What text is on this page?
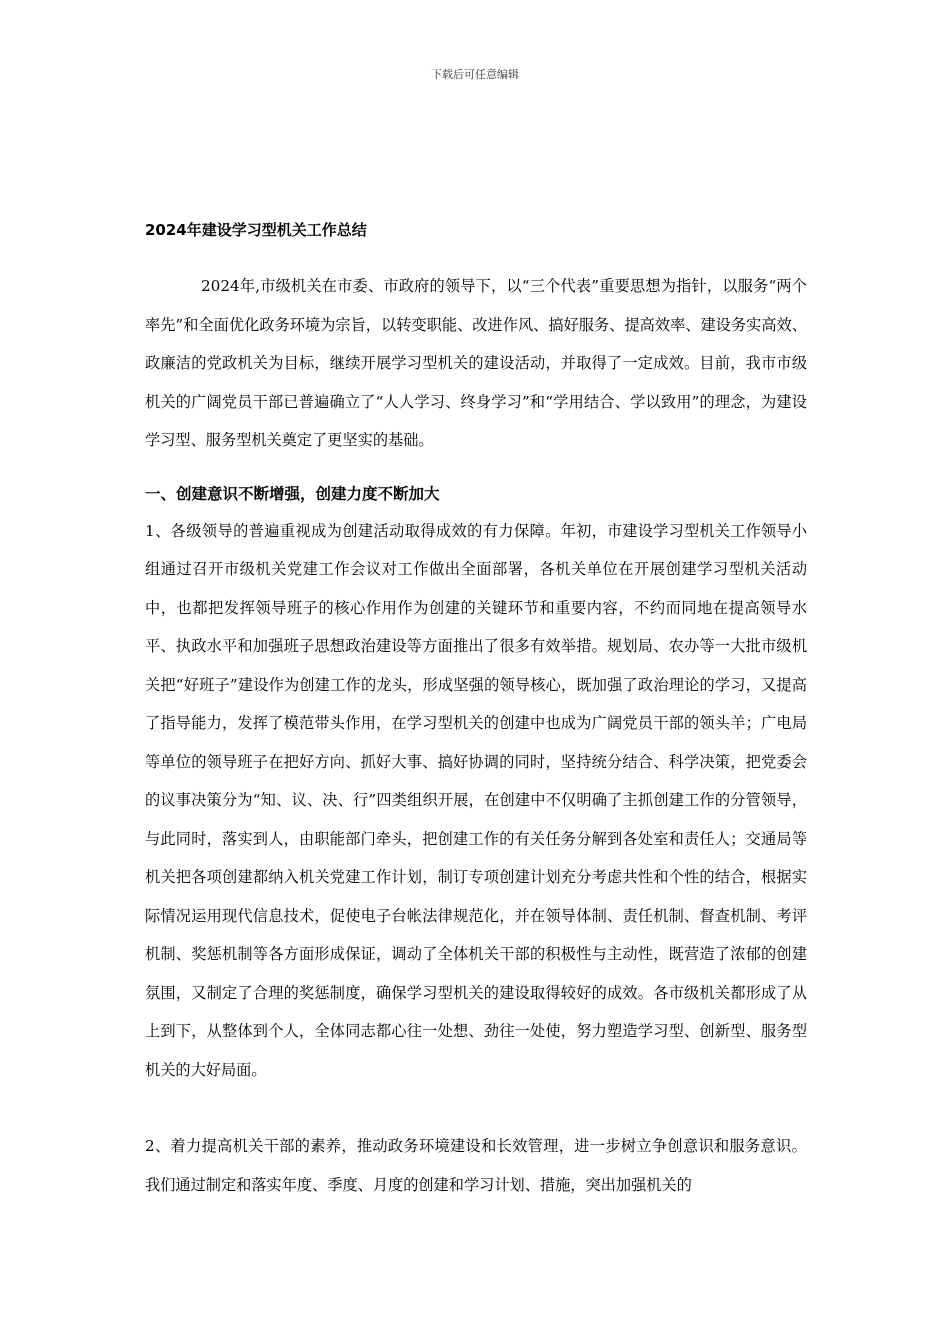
下载后可任意编辑
2024年建设学习型机关工作总结

2024年,市级机关在市委、市政府的领导下，以“三个代表”重要思想为指针，以服务“两个率先”和全面优化政务环境为宗旨，以转变职能、改进作风、搞好服务、提高效率、建设务实高效、政廉洁的党政机关为目标，继续开展学习型机关的建设活动，并取得了一定成效。目前，我市市级机关的广阔党员干部已普遍确立了“人人学习、终身学习”和“学用结合、学以致用”的理念，为建设学习型、服务型机关奠定了更坚实的基础。

一、创建意识不断增强，创建力度不断加大

1、各级领导的普遍重视成为创建活动取得成效的有力保障。年初，市建设学习型机关工作领导小组通过召开市级机关党建工作会议对工作做出全面部署，各机关单位在开展创建学习型机关活动中，也都把发挥领导班子的核心作用作为创建的关键环节和重要内容，不约而同地在提高领导水平、执政水平和加强班子思想政治建设等方面推出了很多有效举措。规划局、农办等一大批市级机关把“好班子”建设作为创建工作的龙头，形成坚强的领导核心，既加强了政治理论的学习，又提高了指导能力，发挥了模范带头作用，在学习型机关的创建中也成为广阔党员干部的领头羊；广电局等单位的领导班子在把好方向、抓好大事、搞好协调的同时，坚持统分结合、科学决策，把党委会的议事决策分为“知、议、决、行”四类组织开展，在创建中不仅明确了主抓创建工作的分管领导，与此同时，落实到人，由职能部门牵头，把创建工作的有关任务分解到各处室和责任人；交通局等机关把各项创建都纳入机关党建工作计划，制订专项创建计划充分考虑共性和个性的结合，根据实际情况运用现代信息技术，促使电子台帐法律规范化，并在领导体制、责任机制、督查机制、考评机制、奖惩机制等各方面形成保证，调动了全体机关干部的积极性与主动性，既营造了浓郁的创建氛围，又制定了合理的奖惩制度，确保学习型机关的建设取得较好的成效。各市级机关都形成了从上到下，从整体到个人，全体同志都心往一处想、劲往一处使，努力塑造学习型、创新型、服务型机关的大好局面。

2、着力提高机关干部的素养，推动政务环境建设和长效管理，进一步树立争创意识和服务意识。我们通过制定和落实年度、季度、月度的创建和学习计划、措施，突出加强机关的
